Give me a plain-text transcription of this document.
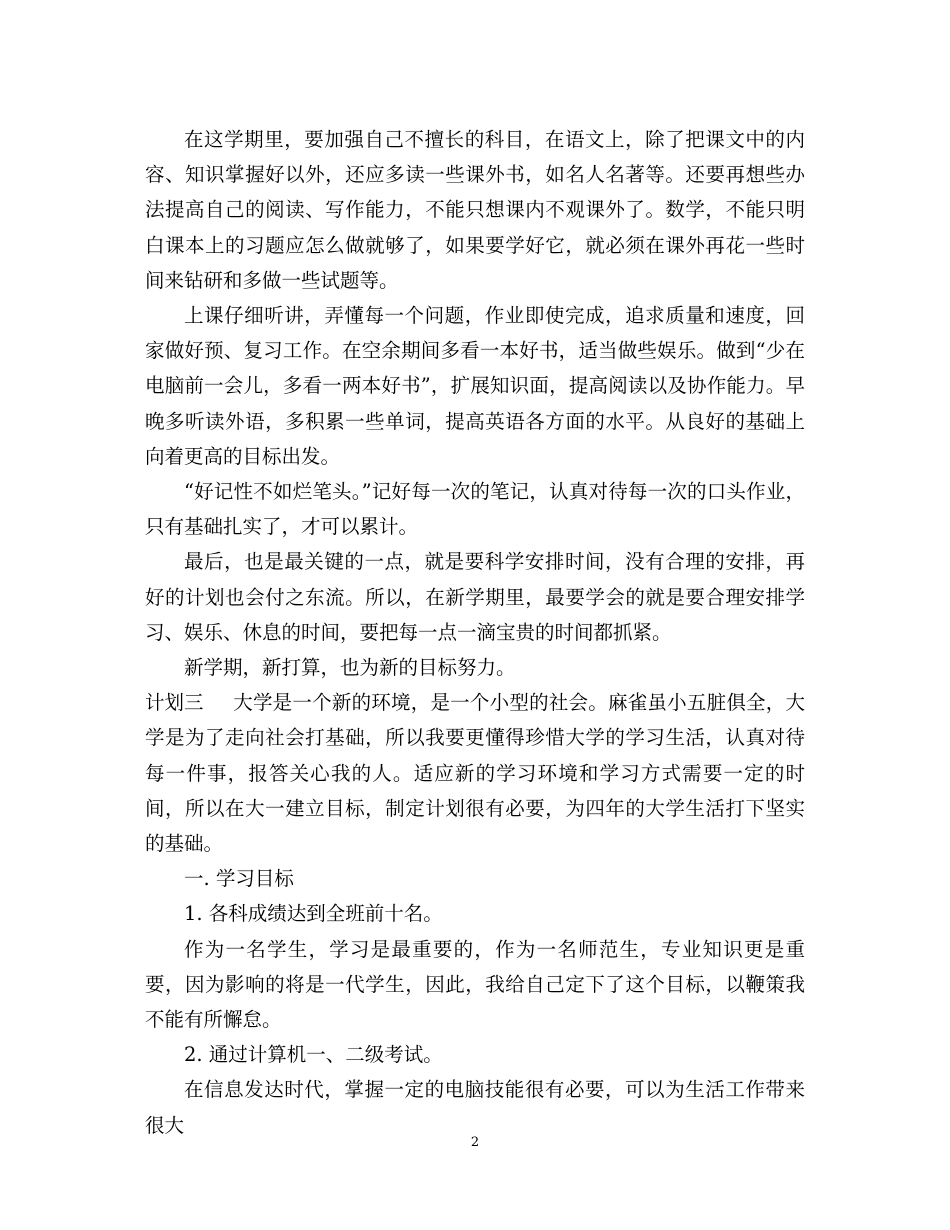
在这学期里，要加强自己不擅长的科目，在语文上，除了把课文中的内容、知识掌握好以外，还应多读一些课外书，如名人名著等。还要再想些办法提高自己的阅读、写作能力，不能只想课内不观课外了。数学，不能只明白课本上的习题应怎么做就够了，如果要学好它，就必须在课外再花一些时间来钻研和多做一些试题等。

上课仔细听讲，弄懂每一个问题，作业即使完成，追求质量和速度，回家做好预、复习工作。在空余期间多看一本好书，适当做些娱乐。做到“少在电脑前一会儿，多看一两本好书”，扩展知识面，提高阅读以及协作能力。早晚多听读外语，多积累一些单词，提高英语各方面的水平。从良好的基础上向着更高的目标出发。

“好记性不如烂笔头。”记好每一次的笔记，认真对待每一次的口头作业，只有基础扎实了，才可以累计。

最后，也是最关键的一点，就是要科学安排时间，没有合理的安排，再好的计划也会付之东流。所以，在新学期里，最要学会的就是要合理安排学习、娱乐、休息的时间，要把每一点一滴宝贵的时间都抓紧。

新学期，新打算，也为新的目标努力。

计划三 大学是一个新的环境，是一个小型的社会。麻雀虽小五脏俱全，大学是为了走向社会打基础，所以我要更懂得珍惜大学的学习生活，认真对待每一件事，报答关心我的人。适应新的学习环境和学习方式需要一定的时间，所以在大一建立目标，制定计划很有必要，为四年的大学生活打下坚实的基础。

一. 学习目标

1. 各科成绩达到全班前十名。

作为一名学生，学习是最重要的，作为一名师范生，专业知识更是重要，因为影响的将是一代学生，因此，我给自己定下了这个目标，以鞭策我不能有所懈怠。

2. 通过计算机一、二级考试。

在信息发达时代，掌握一定的电脑技能很有必要，可以为生活工作带来很大

2
